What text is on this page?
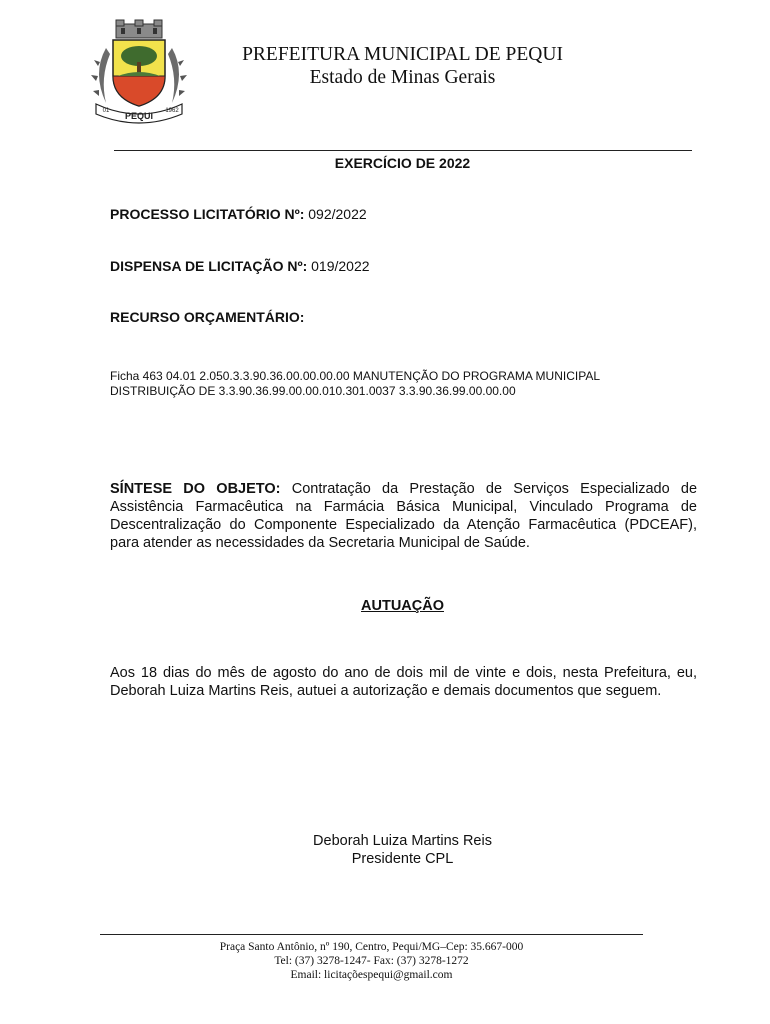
PEQUI
01	1962
PREFEITURA MUNICIPAL DE PEQUI
Estado de Minas Gerais
EXERCÍCIO DE 2022
PROCESSO LICITATÓRIO Nº: 092/2022
DISPENSA DE LICITAÇÃO Nº: 019/2022
RECURSO ORÇAMENTÁRIO:
Ficha 463 04.01 2.050.3.3.90.36.00.00.00.00 MANUTENÇÃO DO PROGRAMA MUNICIPAL
DISTRIBUIÇÃO DE 3.3.90.36.99.00.00.010.301.0037 3.3.90.36.99.00.00.00
SÍNTESE DO OBJETO: Contratação da Prestação de Serviços Especializado de Assistência Farmacêutica na Farmácia Básica Municipal, Vinculado Programa de Descentralização do Componente Especializado da Atenção Farmacêutica (PDCEAF), para atender as necessidades da Secretaria Municipal de Saúde.
AUTUAÇÃO
Aos 18 dias do mês de agosto do ano de dois mil de vinte e dois, nesta Prefeitura, eu, Deborah Luiza Martins Reis, autuei a autorização e demais documentos que seguem.
Deborah Luiza Martins Reis
Presidente CPL
Praça Santo Antônio, nº 190, Centro, Pequi/MG–Cep: 35.667-000
Tel: (37) 3278-1247- Fax: (37) 3278-1272
Email: licitaçõespequi@gmail.com
